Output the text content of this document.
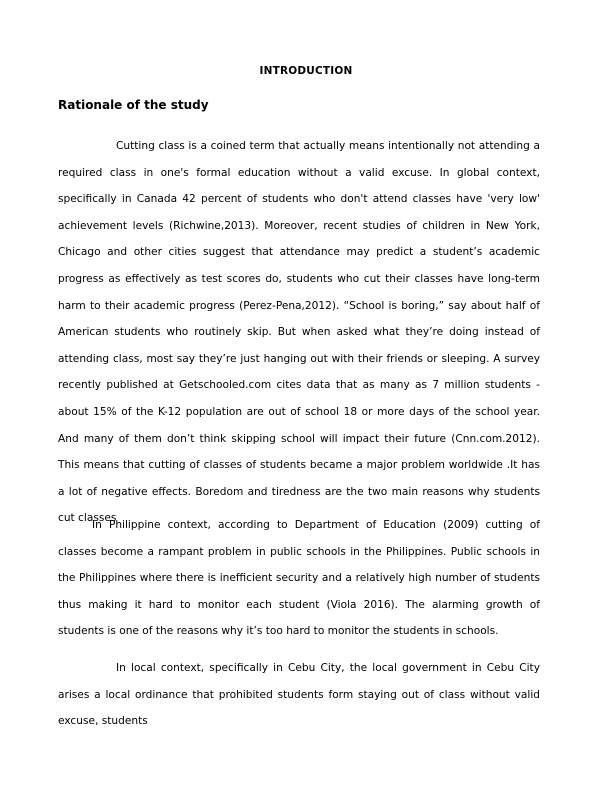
INTRODUCTION
Rationale of the study

Cutting class is a coined term that actually means intentionally not attending a required class in one's formal education without a valid excuse. In global context, specifically in Canada 42 percent of students who don't attend classes have 'very low' achievement levels (Richwine,2013). Moreover, recent studies of children in New York, Chicago and other cities suggest that attendance may predict a student’s academic progress as effectively as test scores do, students who cut their classes have long-term harm to their academic progress (Perez-Pena,2012). “School is boring,” say about half of American students who routinely skip. But when asked what they’re doing instead of attending class, most say they’re just hanging out with their friends or sleeping. A survey recently published at Getschooled.com cites data that as many as 7 million students - about 15% of the K-12 population are out of school 18 or more days of the school year. And many of them don’t think skipping school will impact their future (Cnn.com.2012). This means that cutting of classes of students became a major problem worldwide .It has a lot of negative effects. Boredom and tiredness are the two main reasons why students cut classes

In Philippine context, according to Department of Education (2009) cutting of classes become a rampant problem in public schools in the Philippines. Public schools in the Philippines where there is inefficient security and a relatively high number of students thus making it hard to monitor each student (Viola 2016). The alarming growth of students is one of the reasons why it’s too hard to monitor the students in schools.

In local context, specifically in Cebu City, the local government in Cebu City arises a local ordinance that prohibited students form staying out of class without valid excuse, students
